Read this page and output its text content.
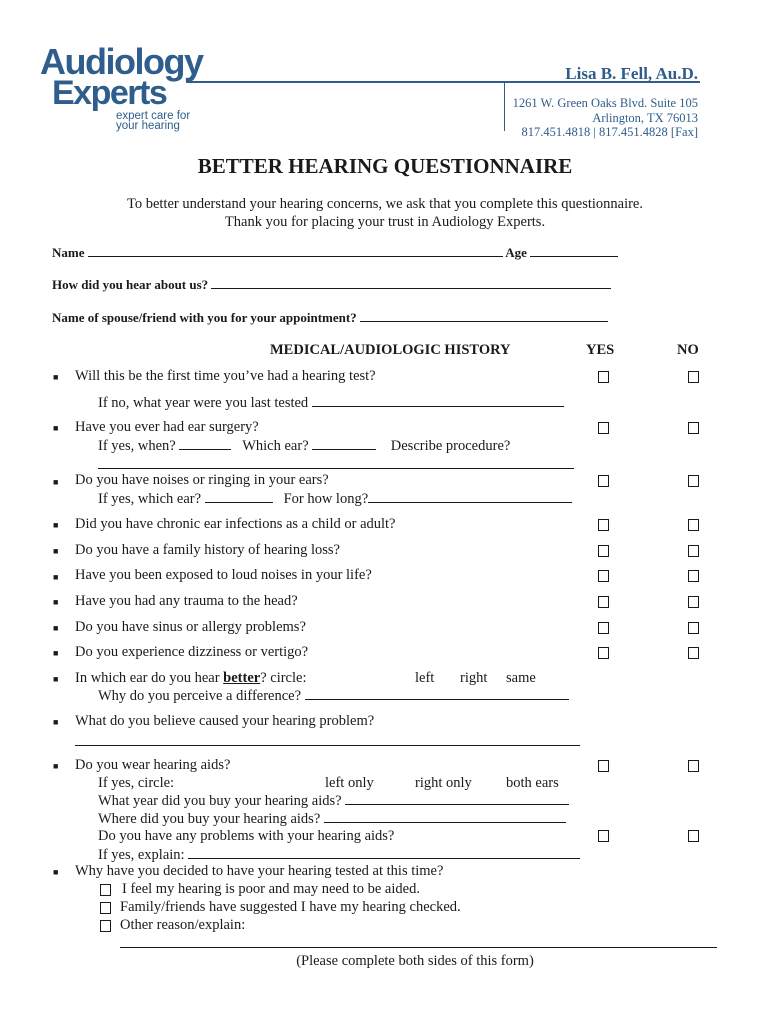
Audiology
Experts
expert care for
your hearing
Lisa B. Fell, Au.D.
1261 W. Green Oaks Blvd. Suite 105
Arlington, TX 76013
817.451.4818 | 817.451.4828 [Fax]
BETTER HEARING QUESTIONNAIRE
To better understand your hearing concerns, we ask that you complete this questionnaire.
Thank you for placing your trust in Audiology Experts.
Name	Age
How did you hear about us?
Name of spouse/friend with you for your appointment?
MEDICAL/AUDIOLOGIC HISTORY	YES	NO
■ Will this be the first time you’ve had a hearing test?
If no, what year were you last tested
■ Have you ever had ear surgery?
If yes, when?	Which ear?	Describe procedure?
■ Do you have noises or ringing in your ears?
If yes, which ear?	For how long?
■ Did you have chronic ear infections as a child or adult?
■ Do you have a family history of hearing loss?
■ Have you been exposed to loud noises in your life?
■ Have you had any trauma to the head?
■ Do you have sinus or allergy problems?
■ Do you experience dizziness or vertigo?
■ In which ear do you hear better? circle:	left right same
Why do you perceive a difference?
■ What do you believe caused your hearing problem?
■ Do you wear hearing aids?
If yes, circle:	left only	right only both ears
What year did you buy your hearing aids?
Where did you buy your hearing aids?
Do you have any problems with your hearing aids?
If yes, explain:
■ Why have you decided to have your hearing tested at this time?
I feel my hearing is poor and may need to be aided.
Family/friends have suggested I have my hearing checked.
Other reason/explain:
(Please complete both sides of this form)
